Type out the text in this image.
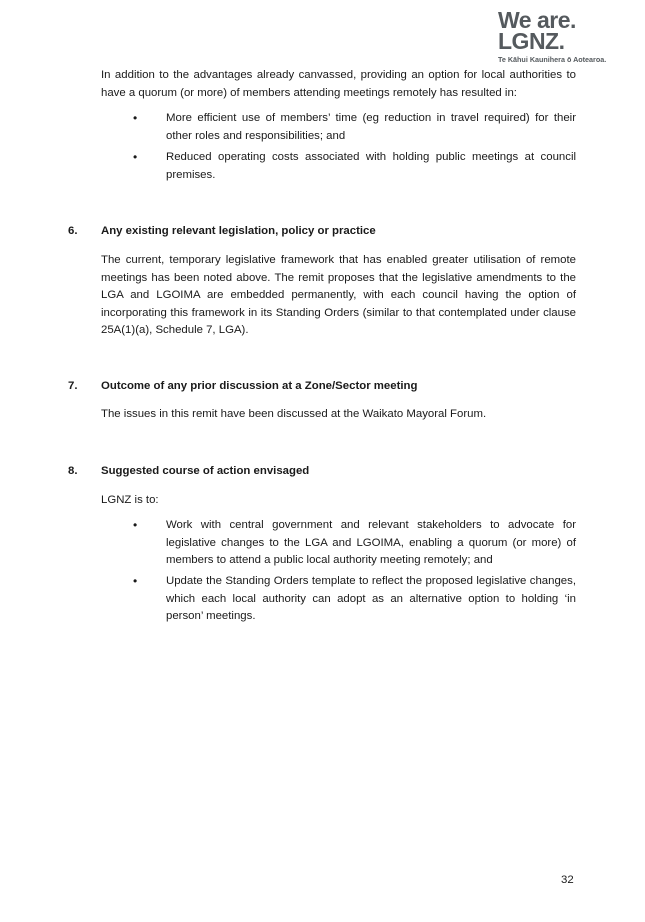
We are.
LGNZ.
Te Kāhui Kaunihera ō Aotearoa.

In addition to the advantages already canvassed, providing an option for local authorities to have a quorum (or more) of members attending meetings remotely has resulted in:

•	More efficient use of members’ time (eg reduction in travel required) for their other roles and responsibilities; and

•	Reduced operating costs associated with holding public meetings at council premises.

6. Any existing relevant legislation, policy or practice

The current, temporary legislative framework that has enabled greater utilisation of remote meetings has been noted above. The remit proposes that the legislative amendments to the LGA and LGOIMA are embedded permanently, with each council having the option of incorporating this framework in its Standing Orders (similar to that contemplated under clause 25A(1)(a), Schedule 7, LGA).

7. Outcome of any prior discussion at a Zone/Sector meeting

The issues in this remit have been discussed at the Waikato Mayoral Forum.

8. Suggested course of action envisaged

LGNZ is to:

•	Work with central government and relevant stakeholders to advocate for legislative changes to the LGA and LGOIMA, enabling a quorum (or more) of members to attend a public local authority meeting remotely; and

•	Update the Standing Orders template to reflect the proposed legislative changes, which each local authority can adopt as an alternative option to holding ‘in person’ meetings.

32
